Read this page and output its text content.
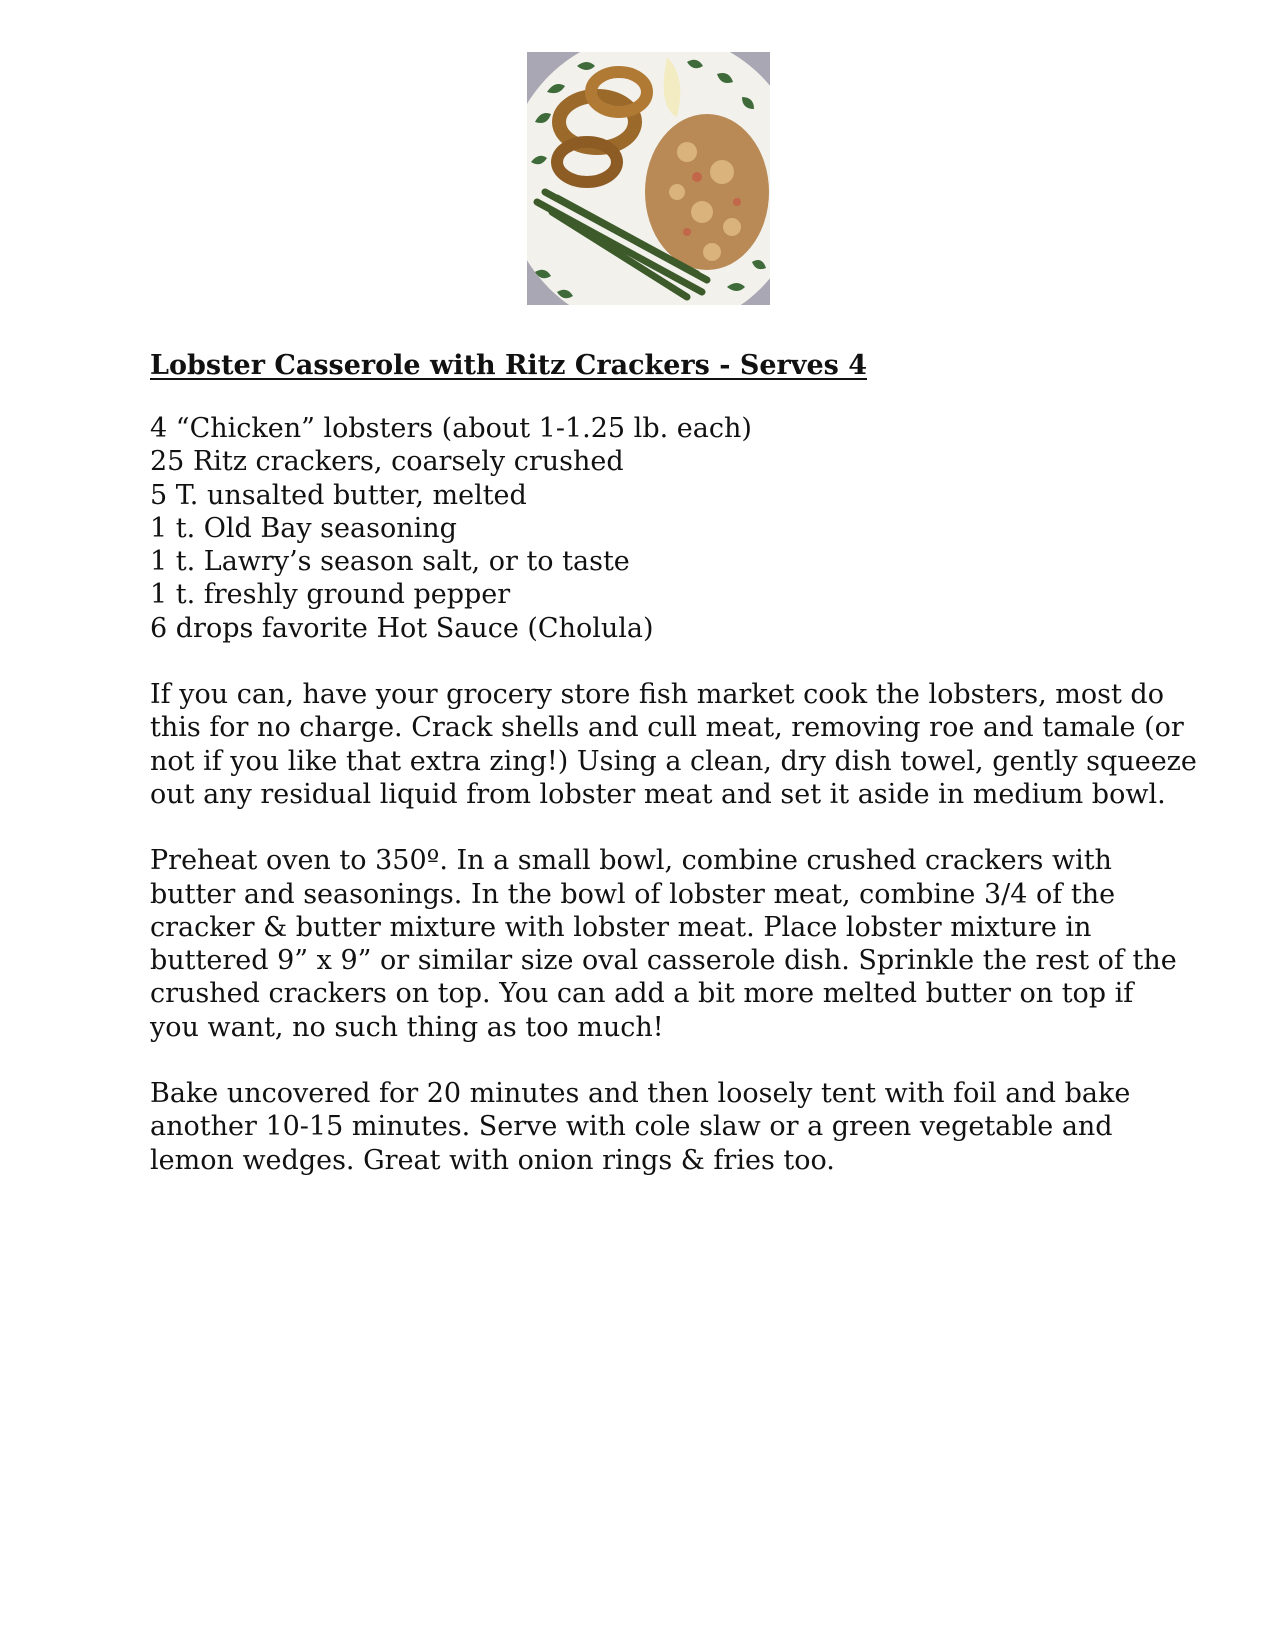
Lobster Casserole with Ritz Crackers - Serves 4
4 “Chicken” lobsters (about 1-1.25 lb. each)
25 Ritz crackers, coarsely crushed
5 T. unsalted butter, melted
1 t. Old Bay seasoning
1 t. Lawry’s season salt, or to taste
1 t. freshly ground pepper
6 drops favorite Hot Sauce (Cholula)

If you can, have your grocery store fish market cook the lobsters, most do
this for no charge. Crack shells and cull meat, removing roe and tamale (or
not if you like that extra zing!) Using a clean, dry dish towel, gently squeeze
out any residual liquid from lobster meat and set it aside in medium bowl.

Preheat oven to 350º. In a small bowl, combine crushed crackers with
butter and seasonings. In the bowl of lobster meat, combine 3/4 of the
cracker & butter mixture with lobster meat. Place lobster mixture in
buttered 9” x 9” or similar size oval casserole dish. Sprinkle the rest of the
crushed crackers on top. You can add a bit more melted butter on top if
you want, no such thing as too much!

Bake uncovered for 20 minutes and then loosely tent with foil and bake
another 10-15 minutes. Serve with cole slaw or a green vegetable and
lemon wedges. Great with onion rings & fries too.
